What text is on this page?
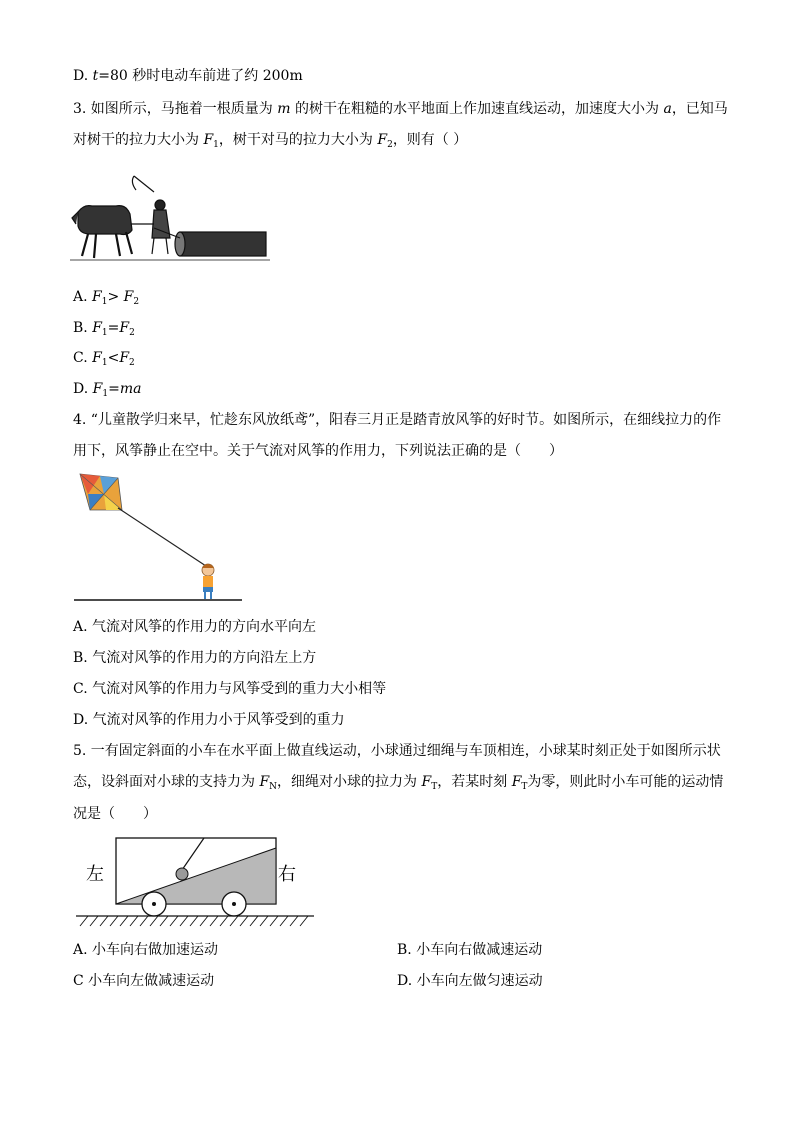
D. t=80 秒时电动车前进了约 200m
3. 如图所示，马拖着一根质量为 m 的树干在粗糙的水平地面上作加速直线运动，加速度大小为 a，已知马
对树干的拉力大小为 $F_1$，树干对马的拉力大小为 $F_2$，则有（ ）
A. $F_1> F_2$
B. $F_1=F_2$
C. $F_1<F_2$
D. $F_1=ma$
4. “儿童散学归来早，忙趁东风放纸鸢”，阳春三月正是踏青放风筝的好时节。如图所示，在细线拉力的作
用下，风筝静止在空中。关于气流对风筝的作用力，下列说法正确的是（　　）
A. 气流对风筝的作用力的方向水平向左
B. 气流对风筝的作用力的方向沿左上方
C. 气流对风筝的作用力与风筝受到的重力大小相等
D. 气流对风筝的作用力小于风筝受到的重力
5. 一有固定斜面的小车在水平面上做直线运动，小球通过细绳与车顶相连，小球某时刻正处于如图所示状
态，设斜面对小球的支持力为 $F_N$，细绳对小球的拉力为 $F_T$，若某时刻 $F_T$为零，则此时小车可能的运动情
况是（　　）
左	右
A. 小车向右做加速运动	B. 小车向右做减速运动
C 小车向左做减速运动	D. 小车向左做匀速运动
